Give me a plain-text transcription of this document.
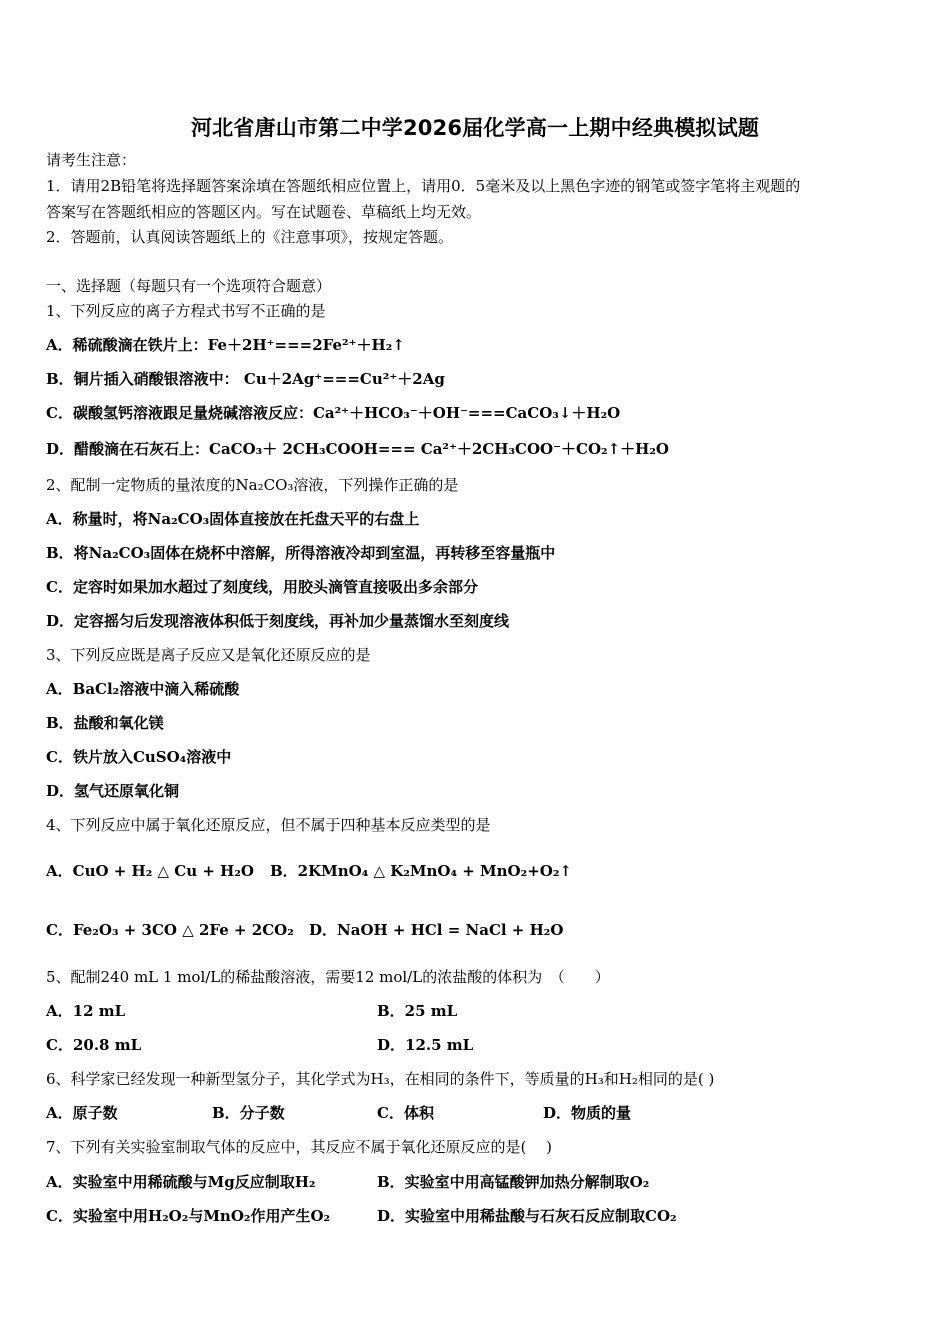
河北省唐山市第二中学2026届化学高一上期中经典模拟试题
请考生注意：
1．请用2B铅笔将选择题答案涂填在答题纸相应位置上，请用0．5毫米及以上黑色字迹的钢笔或签字笔将主观题的
答案写在答题纸相应的答题区内。写在试题卷、草稿纸上均无效。
2．答题前，认真阅读答题纸上的《注意事项》，按规定答题。
一、选择题（每题只有一个选项符合题意）
1、下列反应的离子方程式书写不正确的是
A．稀硫酸滴在铁片上：Fe＋2H⁺===2Fe²⁺＋H₂↑
B．铜片插入硝酸银溶液中： Cu＋2Ag⁺===Cu²⁺＋2Ag
C．碳酸氢钙溶液跟足量烧碱溶液反应：Ca²⁺＋HCO₃⁻＋OH⁻===CaCO₃↓＋H₂O
D．醋酸滴在石灰石上：CaCO₃＋ 2CH₃COOH=== Ca²⁺＋2CH₃COO⁻＋CO₂↑＋H₂O
2、配制一定物质的量浓度的Na₂CO₃溶液，下列操作正确的是
A．称量时，将Na₂CO₃固体直接放在托盘天平的右盘上
B．将Na₂CO₃固体在烧杯中溶解，所得溶液冷却到室温，再转移至容量瓶中
C．定容时如果加水超过了刻度线，用胶头滴管直接吸出多余部分
D．定容摇匀后发现溶液体积低于刻度线，再补加少量蒸馏水至刻度线
3、下列反应既是离子反应又是氧化还原反应的是
A．BaCl₂溶液中滴入稀硫酸
B．盐酸和氧化镁
C．铁片放入CuSO₄溶液中
D．氢气还原氧化铜
4、下列反应中属于氧化还原反应，但不属于四种基本反应类型的是
A．CuO + H₂ △ Cu + H₂O B．2KMnO₄ △ K₂MnO₄ + MnO₂+O₂↑
C．Fe₂O₃ + 3CO △ 2Fe + 2CO₂ D．NaOH + HCl = NaCl + H₂O
5、配制240 mL 1 mol/L的稀盐酸溶液，需要12 mol/L的浓盐酸的体积为　（　　）
A．12 mL	B．25 mL
C．20.8 mL	D．12.5 mL
6、科学家已经发现一种新型氢分子，其化学式为H₃，在相同的条件下，等质量的H₃和H₂相同的是( )
A．原子数	B．分子数	C．体积	D．物质的量
7、下列有关实验室制取气体的反应中，其反应不属于氧化还原反应的是(　 )
A．实验室中用稀硫酸与Mg反应制取H₂	B．实验室中用高锰酸钾加热分解制取O₂
C．实验室中用H₂O₂与MnO₂作用产生O₂	D．实验室中用稀盐酸与石灰石反应制取CO₂
